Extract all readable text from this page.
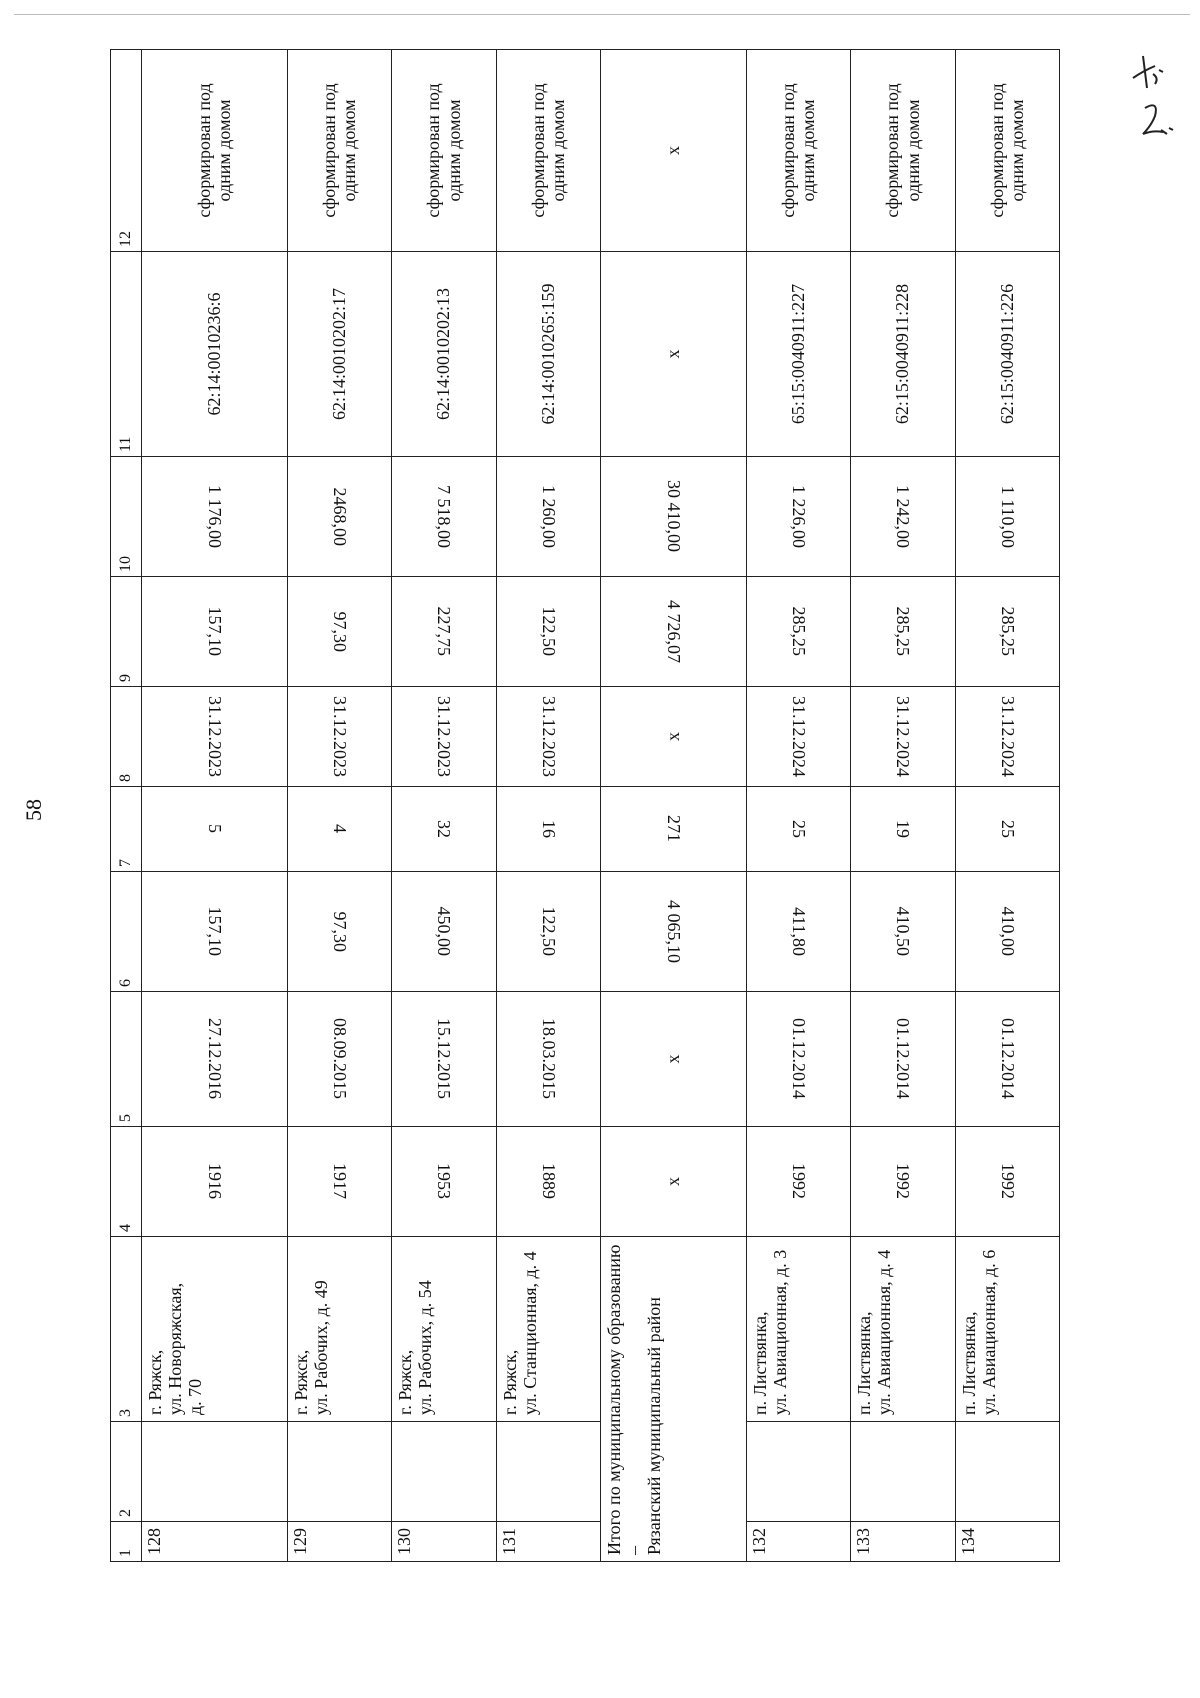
58
1	2	3	4	5	6	7	8	9	10	11	12
128		г. Ряжск,
ул. Новоряжская,
д. 70	1916	27.12.2016	157,10	5	31.12.2023	157,10	1 176,00	62:14:0010236:6	сформирован под
одним домом
129		г. Ряжск,
ул. Рабочих, д. 49	1917	08.09.2015	97,30	4	31.12.2023	97,30	2468,00	62:14:0010202:17	сформирован под
одним домом
130		г. Ряжск,
ул. Рабочих, д. 54	1953	15.12.2015	450,00	32	31.12.2023	227,75	7 518,00	62:14:0010202:13	сформирован под
одним домом
131		г. Ряжск,
ул. Станционная, д. 4	1889	18.03.2015	122,50	16	31.12.2023	122,50	1 260,00	62:14:0010265:159	сформирован под
одним домом
Итого по муниципальному образованию –
Рязанский муниципальный район			х	х	4 065,10	271	х	4 726,07	30 410,00	х	х
132		п. Листвянка,
ул. Авиационная, д. 3	1992	01.12.2014	411,80	25	31.12.2024	285,25	1 226,00	65:15:0040911:227	сформирован под
одним домом
133		п. Листвянка,
ул. Авиационная, д. 4	1992	01.12.2014	410,50	19	31.12.2024	285,25	1 242,00	62:15:0040911:228	сформирован под
одним домом
134		п. Листвянка,
ул. Авиационная, д. 6	1992	01.12.2014	410,00	25	31.12.2024	285,25	1 110,00	62:15:0040911:226	сформирован под
одним домом
